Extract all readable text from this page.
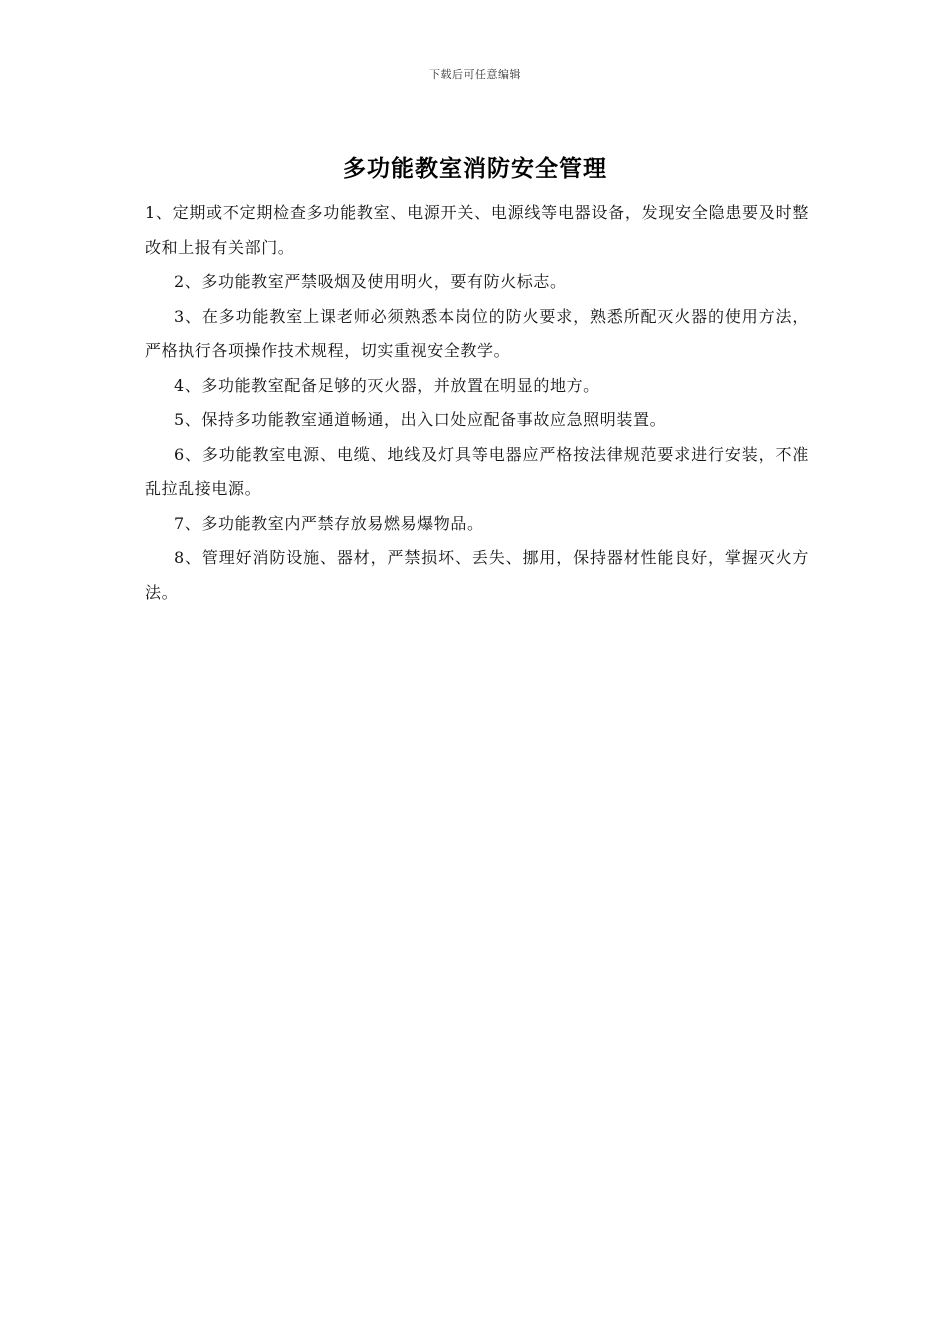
下载后可任意编辑
多功能教室消防安全管理

1、定期或不定期检查多功能教室、电源开关、电源线等电器设备，发现安全隐患要及时整改和上报有关部门。

2、多功能教室严禁吸烟及使用明火，要有防火标志。

3、在多功能教室上课老师必须熟悉本岗位的防火要求，熟悉所配灭火器的使用方法，严格执行各项操作技术规程，切实重视安全教学。

4、多功能教室配备足够的灭火器，并放置在明显的地方。

5、保持多功能教室通道畅通，出入口处应配备事故应急照明装置。

6、多功能教室电源、电缆、地线及灯具等电器应严格按法律规范要求进行安装，不准乱拉乱接电源。

7、多功能教室内严禁存放易燃易爆物品。

8、管理好消防设施、器材，严禁损坏、丢失、挪用，保持器材性能良好，掌握灭火方法。
